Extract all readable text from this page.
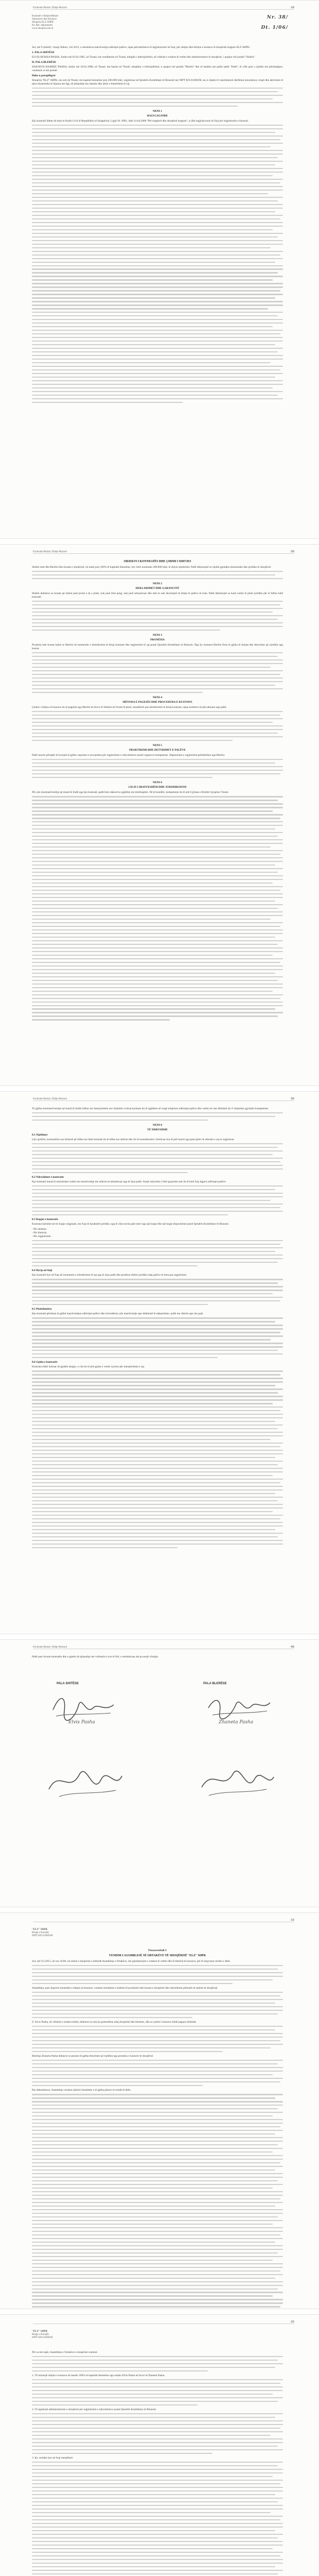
Kontratë Aksion Shitje Aksioni	1/6

Kontratë e Shitjes/Blerjes

Aksioneve dhe Kuotave

Shoqëria ELZ SHPK

Nr. Ref. dokumentit

www.shoqeria-elz.al

Nr. 38/
Dt. 1/06/

Sot, më 9 (nëntë) / muaji Shkurt, viti 2015, u nënshkrua marrëveshja ndërmjet palëve, sipas përcaktimeve të legjislacionit në fuqi, për shitjen dhe blerjen e kuotave të shoqërisë tregtare ELZ SHPK:

1. PALA SHITËSE

ELVIS HOXHA PASHA, lindur më 03.02.1985, në Tiranë, me vendbanim në Tiranë, mbajtës i letërnjoftimit, në cilësinë e ortakut të vetëm dhe administratorit të shoqërisë, i quajtur më poshtë ''Shitësi''.

II. PALA BLERËSE

ZHANETA HAMDIU PASHA, lindur më 18.02.1988, në Tiranë, me banim në Tiranë, mbajtëse e letërnjoftimit, e quajtur më poshtë ''Blerësi'' dhe së bashku me palën tjetër ''Palët'', të cilët pasi u njohën me përmbajtjen, vendosën si më poshtë:

Duke u parapëlqyer

Shoqëria ''ELZ'' SHPK, me seli në Tiranë, me kapital themeltar prej 200.000 lekë, regjistruar në Qendrën Kombëtare të Biznesit me NIPT K91316001M, ka si objekt të veprimtarisë shërbime konsulence, tregti dhe aktivitete të tjera ekonomike të lejuara me ligj, në përputhje me statutin dhe aktin e themelimit të saj.

NENI 1

BAZA LIGJORE

Kjo kontratë lidhet në bazë të Kodit Civil të Republikës së Shqipërisë, Ligjit Nr. 9901, datë 14.04.2008 ''Për tregtarët dhe shoqëritë tregtare'', si dhe legjislacionit në fuqi për regjistrimin e biznesit.

Kontratë Aksion Shitje Aksioni	2/6

OBJEKTI I KONTRATËS DHE ÇMIMI I SHITJES

Shitësi shet dhe Blerësi blen kuotat e shoqërisë, në masë prej 100% të kapitalit themeltar, me vlerë nominale 200.000 lekë, të shlyer plotësisht. Palët deklarojnë se njohin gjendjen ekonomike dhe juridike të shoqërisë.

NENI 2

DEKLARIMET DHE GARANCITË

Shitësi deklaron se kuotat që shiten janë pronë e tij e plotë, nuk janë lënë peng, nuk janë sekuestruar dhe mbi to nuk ekzistojnë të drejta të palëve të treta. Palët deklarojnë se kanë zotësi të plotë juridike për të lidhur këtë kontratë.

NENI 3

PRONËSIA

Pronësia mbi kuotat kalon te Blerësi në momentin e nënshkrimit të kësaj kontrate dhe regjistrimit të saj pranë Qendrës Kombëtare të Biznesit. Nga ky moment Blerësi fiton të gjitha të drejtat dhe detyrimet që rrjedhin nga kuotat.

NENI 4

MËNYRA E PAGESËS DHE PROCEDURA E KUOTAVE

Çmimi i shitjes së kuotave do të paguhet nga Blerësi në favor të Shitësit në formë të plotë, menjëherë pas nënshkrimit të kësaj kontrate, sipas kushteve të përcaktuara nga palët.

NENI 5

PRAKTIKIMI DHE DETYRIMET E PALËVE

Palët marrin përsipër të kryejnë të gjitha veprimet e nevojshme për regjistrimin e ndryshimeve pranë organeve kompetente. Shpenzimet e regjistrimit përballohen nga Blerësi.

NENI 6

LIGJI I ZBATUESHËM DHE JURISDIKSIONI

Për çdo mosmarrëveshje që mund të lindë nga kjo kontratë, palët bien dakord ta zgjidhin me mirëkuptim. Në të kundërt, kompetente do të jetë Gjykata e Rrethit Gjyqësor Tiranë.

Kontratë Aksion Shitje Aksioni	3/6

Të gjitha mosmarrëveshjet që mund të lindin lidhur me interpretimin ose zbatimin e kësaj kontrate do të zgjidhen në rrugë miqësore ndërmjet palëve dhe vetëm në rast dështimi do t'i drejtohen gjykatës kompetente.

NENI 8

TË NDRYSHME

8.1 Njoftimet

Çdo njoftim, komunikim ose kërkesë që lidhet me këtë kontratë do të bëhet me shkrim dhe do të konsiderohet i dorëzuar kur të jetë marrë nga pala tjetër në adresën e saj të regjistruar.

8.2 Ndryshimet e kontratës

Kjo kontratë mund të ndryshohet vetëm me marrëveshje me shkrim të nënshkruar nga të dyja palët. Asnjë ndryshim i bërë gojarisht nuk do të ketë fuqi ligjore ndërmjet palëve.

8.3 Kopjet e kontratës

Kontrata hartohet në tre kopje origjinale, me fuqi të barabartë juridike, nga të cilat secila palë merr nga një kopje dhe një kopje depozitohet pranë Qendrës Kombëtare të Biznesit.

- Për shitësin

- Për blerësin

- Për regjistrimin

8.4 Hyrja në fuqi

Kjo kontratë hyn në fuqi në momentin e nënshkrimit të saj nga të dyja palët dhe prodhon efekte juridike ndaj palëve të treta pas regjistrimit.

8.5 Plotëshmëria

Kjo kontratë përmban të gjithë marrëveshjen ndërmjet palëve dhe zëvendëson çdo marrëveshje apo deklaratë të mëparshme, qoftë me shkrim apo me gojë.

8.6 Gjuha e kontratës

Kontrata është hartuar në gjuhën shqipe, e cila do të jetë gjuha e vetme zyrtare për interpretimin e saj.

Kontratë Aksion Shitje Aksioni	4/6

Palët pasi lexuan kontratën dhe e gjetën në përputhje me vullnetin e tyre të lirë, e nënshkruan atë pa asnjë vërejtje.

PALA SHITËSE	PALA BLERËSE
Elvis Pasha	Zhaneta Pasha
1/2

''ELZ'' SHPK

Rruga e Kavajës

NIPT K91316001M

Procesverbali 3

VENDIM I ASAMBLESË SË ORTAKËVE TË SHOQËRISË ''ELZ'' SHPK

Sot, më 9.2.2015, në ora 10:00, në selinë e shoqërisë u mblodh Asambleja e Ortakëve, me pjesëmarrjen e ortakut të vetëm dhe të blerësit të kuotave, për të shqyrtuar rendin e ditës.

Asambleja, pasi shqyrtoi kontratën e shitjes së kuotave, vendosi miratimin e kalimit të pronësisë mbi kuotat e shoqërisë dhe ndryshimin përkatës të statutit të shoqërisë.

Z. Elvis Pasha, në cilësinë e ortakut shitës, deklaroi se nuk ka pretendime ndaj shoqërisë dhe blerëses, dhe se çmimi i kuotave është paguar tërësisht.

Blerësja Zhaneta Pasha deklaroi se pranon të gjitha detyrimet që rrjedhin nga pronësia e kuotave të shoqërisë.

Pas diskutimeve, Asambleja vendosi njëzëri miratimin e të gjitha pikave të rendit të ditës.

2/2

''ELZ'' SHPK

Rruga e Kavajës

NIPT K91316001M

Për sa më sipër, Asambleja e Ortakëve e shoqërisë vendosi:

1. Të miratojë shitjen e kuotave në masën 100% të kapitalit themeltar nga ortaku Elvis Pasha në favor të Zhaneta Pasha.

2. Të ngarkojë administratorin e shoqërisë për regjistrimin e ndryshimeve pranë Qendrës Kombëtare të Biznesit.

3. Ky vendim hyn në fuqi menjëherë.
